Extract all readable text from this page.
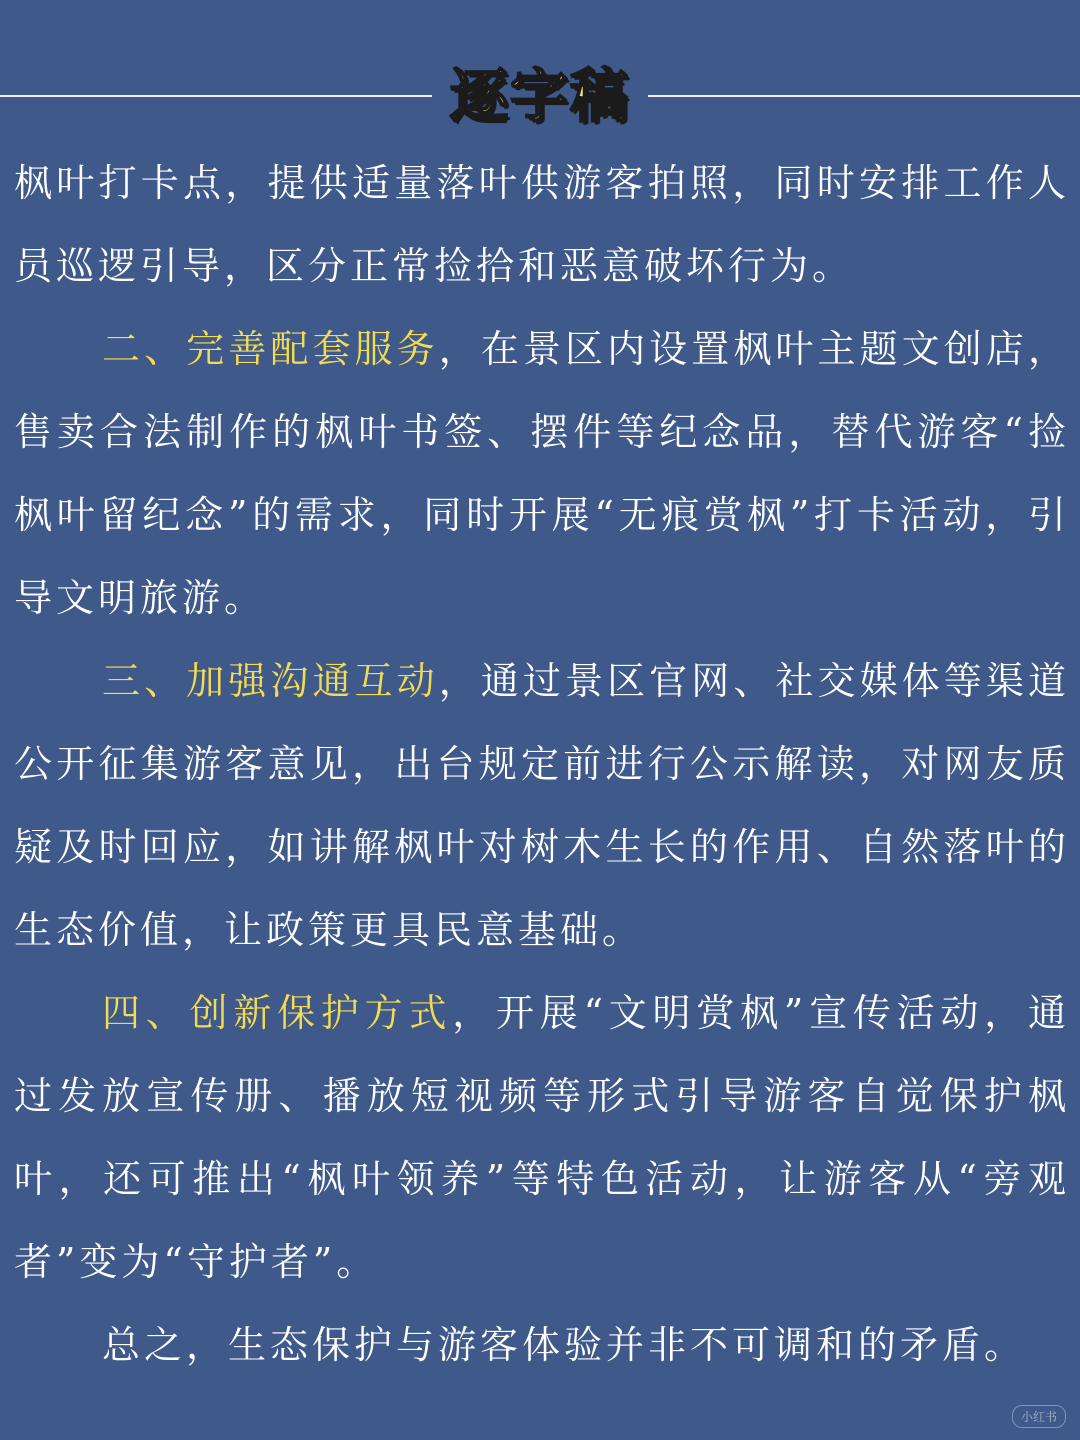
逐字稿

枫叶打卡点，提供适量落叶供游客拍照，同时安排工作人员巡逻引导，区分正常捡拾和恶意破坏行为。

二、完善配套服务，在景区内设置枫叶主题文创店，售卖合法制作的枫叶书签、摆件等纪念品，替代游客“捡枫叶留纪念”的需求，同时开展“无痕赏枫”打卡活动，引导文明旅游。

三、加强沟通互动，通过景区官网、社交媒体等渠道公开征集游客意见，出台规定前进行公示解读，对网友质疑及时回应，如讲解枫叶对树木生长的作用、自然落叶的生态价值，让政策更具民意基础。

四、创新保护方式，开展“文明赏枫”宣传活动，通过发放宣传册、播放短视频等形式引导游客自觉保护枫叶，还可推出“枫叶领养”等特色活动，让游客从“旁观者”变为“守护者”。

总之，生态保护与游客体验并非不可调和的矛盾。

小红书
